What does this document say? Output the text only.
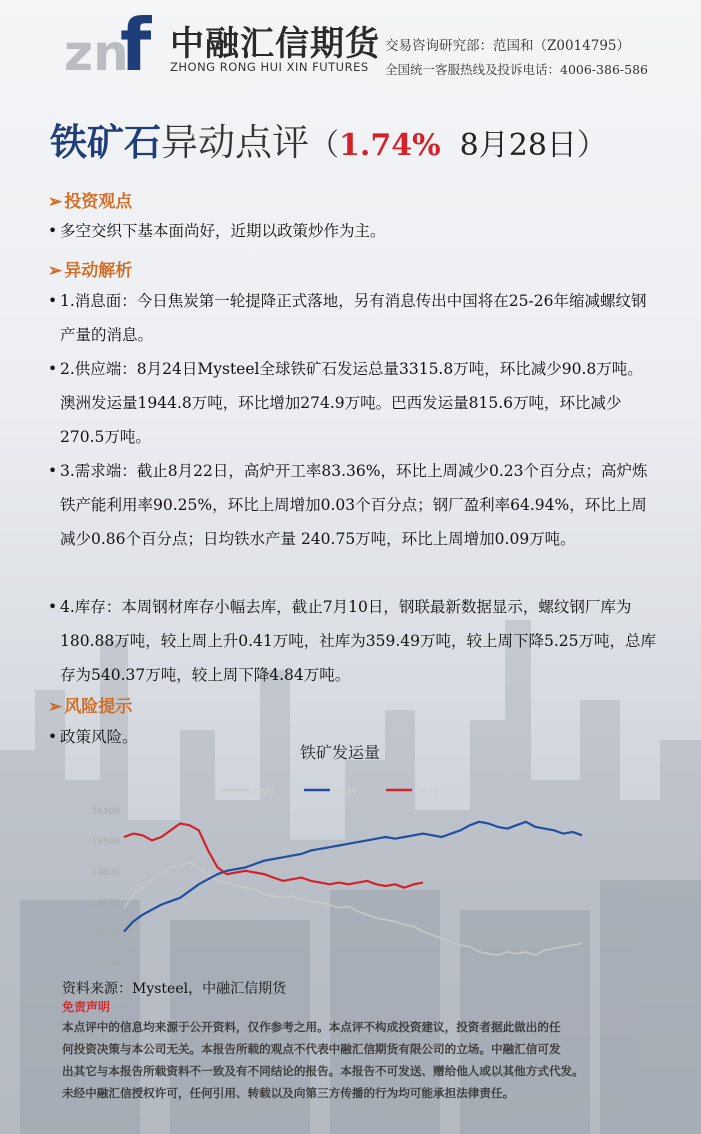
zn
f 中融汇信期货
ZHONG RONG HUI XIN FUTURES
交易咨询研究部：范国和（Z0014795）
全国统一客服热线及投诉电话：4006-386-586
铁矿石异动点评（1.74% 8月28日）
➢ 投资观点
• 多空交织下基本面尚好，近期以政策炒作为主。
➢ 异动解析
• 1.消息面：今日焦炭第一轮提降正式落地，另有消息传出中国将在25-26年缩减螺纹钢产量的消息。
• 2.供应端：8月24日Mysteel全球铁矿石发运总量3315.8万吨，环比减少90.8万吨。澳洲发运量1944.8万吨，环比增加274.9万吨。巴西发运量815.6万吨，环比减少270.5万吨。
• 3.需求端：截止8月22日，高炉开工率83.36%，环比上周减少0.23个百分点；高炉炼铁产能利用率90.25%，环比上周增加0.03个百分点；钢厂盈利率64.94%，环比上周减少0.86个百分点；日均铁水产量 240.75万吨，环比上周增加0.09万吨。
• 4.库存：本周钢材库存小幅去库，截止7月10日，钢联最新数据显示，螺纹钢厂库为180.88万吨，较上周上升0.41万吨，社库为359.49万吨，较上周下降5.25万吨，总库存为540.37万吨，较上周下降4.84万吨。
➢ 风险提示
• 政策风险。
铁矿发运量
11900
12800
13700
14600
15500
16400
2023	2025	2024
资料来源：Mysteel，中融汇信期货
免责声明
本点评中的信息均来源于公开资料，仅作参考之用。本点评不构成投资建议，投资者据此做出的任
何投资决策与本公司无关。本报告所载的观点不代表中融汇信期货有限公司的立场。中融汇信可发
出其它与本报告所载资料不一致及有不同结论的报告。本报告不可发送、赠给他人或以其他方式代发。
未经中融汇信授权许可，任何引用、转载以及向第三方传播的行为均可能承担法律责任。
